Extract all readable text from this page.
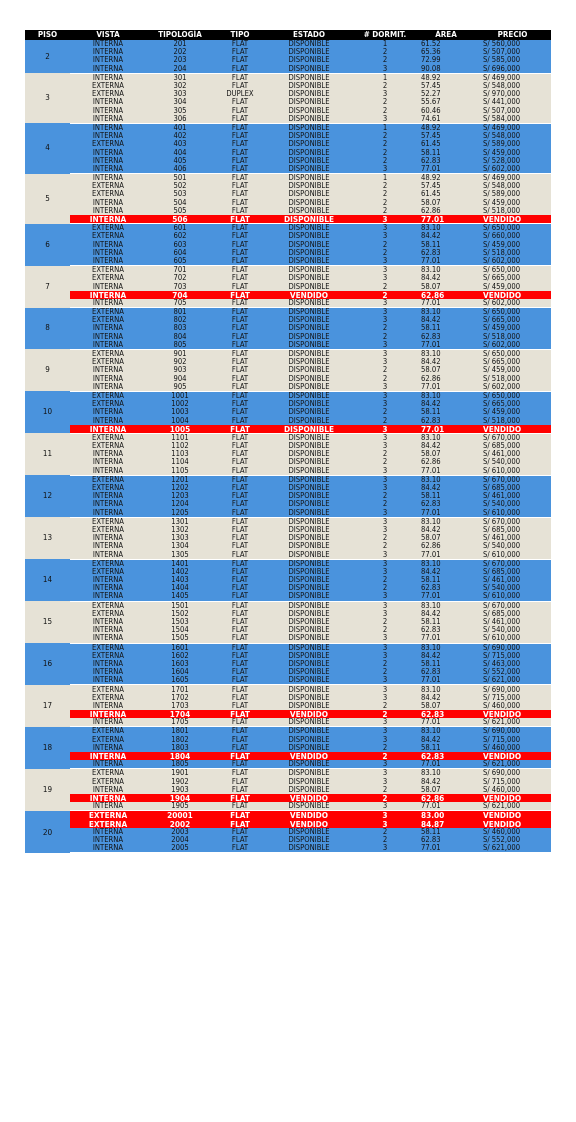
PISO	VISTA	TIPOLOGÍA	TIPO	ESTADO	# DORMIT.	ÁREA	PRECIO
2	INTERNA	201	FLAT	DISPONIBLE	1	61.52	S/ 560,000
	INTERNA	202	FLAT	DISPONIBLE	2	65.36	S/ 507,000
	INTERNA	203	FLAT	DISPONIBLE	2	72.99	S/ 585,000
	INTERNA	204	FLAT	DISPONIBLE	3	90.08	S/ 696,000
3	INTERNA	301	FLAT	DISPONIBLE	1	48.92	S/ 469,000
	EXTERNA	302	FLAT	DISPONIBLE	2	57.45	S/ 548,000
	EXTERNA	303	DUPLEX	DISPONIBLE	3	52.27	S/ 970,000
	INTERNA	304	FLAT	DISPONIBLE	2	55.67	S/ 441,000
	INTERNA	305	FLAT	DISPONIBLE	2	60.46	S/ 507,000
	INTERNA	306	FLAT	DISPONIBLE	3	74.61	S/ 584,000
4	INTERNA	401	FLAT	DISPONIBLE	1	48.92	S/ 469,000
	INTERNA	402	FLAT	DISPONIBLE	2	57.45	S/ 548,000
	EXTERNA	403	FLAT	DISPONIBLE	2	61.45	S/ 589,000
	INTERNA	404	FLAT	DISPONIBLE	2	58.11	S/ 459,000
	INTERNA	405	FLAT	DISPONIBLE	2	62.83	S/ 528,000
	INTERNA	406	FLAT	DISPONIBLE	3	77.01	S/ 602,000
5	INTERNA	501	FLAT	DISPONIBLE	1	48.92	S/ 469,000
	EXTERNA	502	FLAT	DISPONIBLE	2	57.45	S/ 548,000
	EXTERNA	503	FLAT	DISPONIBLE	2	61.45	S/ 589,000
	INTERNA	504	FLAT	DISPONIBLE	2	58.07	S/ 459,000
	INTERNA	505	FLAT	DISPONIBLE	2	62.86	S/ 518,000
	INTERNA	506	FLAT	DISPONIBLE	3	77.01	VENDIDO
6	EXTERNA	601	FLAT	DISPONIBLE	3	83.10	S/ 650,000
	EXTERNA	602	FLAT	DISPONIBLE	3	84.42	S/ 660,000
	INTERNA	603	FLAT	DISPONIBLE	2	58.11	S/ 459,000
	INTERNA	604	FLAT	DISPONIBLE	2	62.83	S/ 518,000
	INTERNA	605	FLAT	DISPONIBLE	3	77.01	S/ 602,000
7	EXTERNA	701	FLAT	DISPONIBLE	3	83.10	S/ 650,000
	EXTERNA	702	FLAT	DISPONIBLE	3	84.42	S/ 665,000
	INTERNA	703	FLAT	DISPONIBLE	2	58.07	S/ 459,000
	INTERNA	704	FLAT	VENDIDO	2	62.86	VENDIDO
	INTERNA	705	FLAT	DISPONIBLE	3	77.01	S/ 602,000
8	EXTERNA	801	FLAT	DISPONIBLE	3	83.10	S/ 650,000
	EXTERNA	802	FLAT	DISPONIBLE	3	84.42	S/ 665,000
	INTERNA	803	FLAT	DISPONIBLE	2	58.11	S/ 459,000
	INTERNA	804	FLAT	DISPONIBLE	2	62.83	S/ 518,000
	INTERNA	805	FLAT	DISPONIBLE	3	77.01	S/ 602,000
9	EXTERNA	901	FLAT	DISPONIBLE	3	83.10	S/ 650,000
	EXTERNA	902	FLAT	DISPONIBLE	3	84.42	S/ 665,000
	INTERNA	903	FLAT	DISPONIBLE	2	58.07	S/ 459,000
	INTERNA	904	FLAT	DISPONIBLE	2	62.86	S/ 518,000
	INTERNA	905	FLAT	DISPONIBLE	3	77.01	S/ 602,000
10	EXTERNA	1001	FLAT	DISPONIBLE	3	83.10	S/ 650,000
	EXTERNA	1002	FLAT	DISPONIBLE	3	84.42	S/ 665,000
	INTERNA	1003	FLAT	DISPONIBLE	2	58.11	S/ 459,000
	INTERNA	1004	FLAT	DISPONIBLE	2	62.83	S/ 518,000
	INTERNA	1005	FLAT	DISPONIBLE	3	77.01	VENDIDO
11	EXTERNA	1101	FLAT	DISPONIBLE	3	83.10	S/ 670,000
	EXTERNA	1102	FLAT	DISPONIBLE	3	84.42	S/ 685,000
	INTERNA	1103	FLAT	DISPONIBLE	2	58.07	S/ 461,000
	INTERNA	1104	FLAT	DISPONIBLE	2	62.86	S/ 540,000
	INTERNA	1105	FLAT	DISPONIBLE	3	77.01	S/ 610,000
12	EXTERNA	1201	FLAT	DISPONIBLE	3	83.10	S/ 670,000
	EXTERNA	1202	FLAT	DISPONIBLE	3	84.42	S/ 685,000
	INTERNA	1203	FLAT	DISPONIBLE	2	58.11	S/ 461,000
	INTERNA	1204	FLAT	DISPONIBLE	2	62.83	S/ 540,000
	INTERNA	1205	FLAT	DISPONIBLE	3	77.01	S/ 610,000
13	EXTERNA	1301	FLAT	DISPONIBLE	3	83.10	S/ 670,000
	EXTERNA	1302	FLAT	DISPONIBLE	3	84.42	S/ 685,000
	INTERNA	1303	FLAT	DISPONIBLE	2	58.07	S/ 461,000
	INTERNA	1304	FLAT	DISPONIBLE	2	62.86	S/ 540,000
	INTERNA	1305	FLAT	DISPONIBLE	3	77.01	S/ 610,000
14	EXTERNA	1401	FLAT	DISPONIBLE	3	83.10	S/ 670,000
	EXTERNA	1402	FLAT	DISPONIBLE	3	84.42	S/ 685,000
	INTERNA	1403	FLAT	DISPONIBLE	2	58.11	S/ 461,000
	INTERNA	1404	FLAT	DISPONIBLE	2	62.83	S/ 540,000
	INTERNA	1405	FLAT	DISPONIBLE	3	77.01	S/ 610,000
15	EXTERNA	1501	FLAT	DISPONIBLE	3	83.10	S/ 670,000
	EXTERNA	1502	FLAT	DISPONIBLE	3	84.42	S/ 685,000
	INTERNA	1503	FLAT	DISPONIBLE	2	58.11	S/ 461,000
	INTERNA	1504	FLAT	DISPONIBLE	2	62.83	S/ 540,000
	INTERNA	1505	FLAT	DISPONIBLE	3	77.01	S/ 610,000
16	EXTERNA	1601	FLAT	DISPONIBLE	3	83.10	S/ 690,000
	EXTERNA	1602	FLAT	DISPONIBLE	3	84.42	S/ 715,000
	INTERNA	1603	FLAT	DISPONIBLE	2	58.11	S/ 463,000
	INTERNA	1604	FLAT	DISPONIBLE	2	62.83	S/ 552,000
	INTERNA	1605	FLAT	DISPONIBLE	3	77.01	S/ 621,000
17	EXTERNA	1701	FLAT	DISPONIBLE	3	83.10	S/ 690,000
	EXTERNA	1702	FLAT	DISPONIBLE	3	84.42	S/ 715,000
	INTERNA	1703	FLAT	DISPONIBLE	2	58.07	S/ 460,000
	INTERNA	1704	FLAT	VENDIDO	2	62.83	VENDIDO
	INTERNA	1705	FLAT	DISPONIBLE	3	77.01	S/ 621,000
18	EXTERNA	1801	FLAT	DISPONIBLE	3	83.10	S/ 690,000
	EXTERNA	1802	FLAT	DISPONIBLE	3	84.42	S/ 715,000
	INTERNA	1803	FLAT	DISPONIBLE	2	58.11	S/ 460,000
	INTERNA	1804	FLAT	VENDIDO	2	62.83	VENDIDO
	INTERNA	1805	FLAT	DISPONIBLE	3	77.01	S/ 621,000
19	EXTERNA	1901	FLAT	DISPONIBLE	3	83.10	S/ 690,000
	EXTERNA	1902	FLAT	DISPONIBLE	3	84.42	S/ 715,000
	INTERNA	1903	FLAT	DISPONIBLE	2	58.07	S/ 460,000
	INTERNA	1904	FLAT	VENDIDO	2	62.86	VENDIDO
	INTERNA	1905	FLAT	DISPONIBLE	3	77.01	S/ 621,000
20	EXTERNA	20001	FLAT	VENDIDO	3	83.00	VENDIDO
	EXTERNA	2002	FLAT	VENDIDO	3	84.87	VENDIDO
	INTERNA	2003	FLAT	DISPONIBLE	2	58.11	S/ 460,000
	INTERNA	2004	FLAT	DISPONIBLE	2	62.83	S/ 552,000
	INTERNA	2005	FLAT	DISPONIBLE	3	77.01	S/ 621,000
